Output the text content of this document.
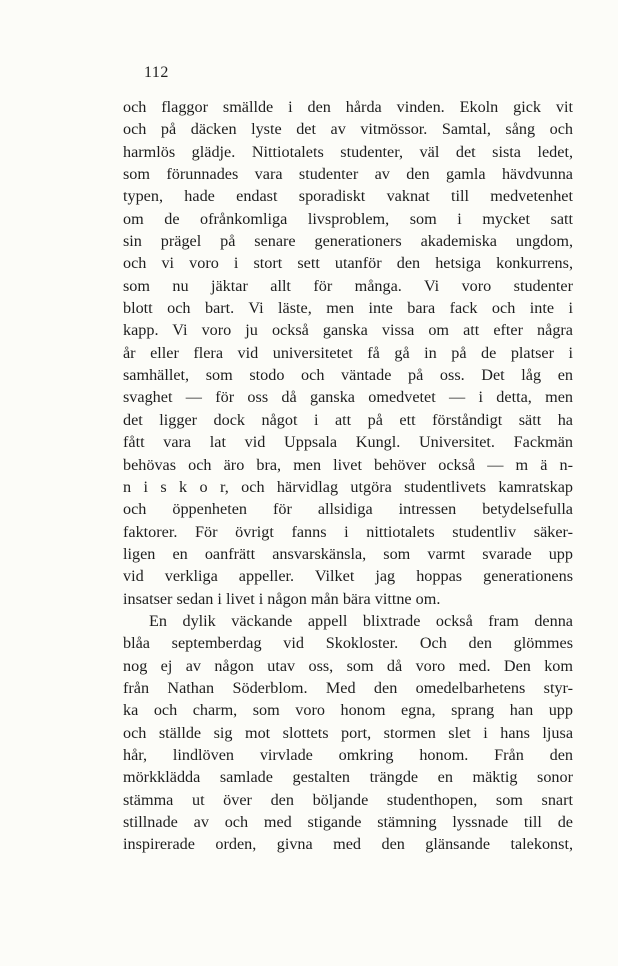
112
och flaggor smällde i den hårda vinden. Ekoln gick vit
och på däcken lyste det av vitmössor. Samtal, sång och
harmlös glädje. Nittiotalets studenter, väl det sista ledet,
som förunnades vara studenter av den gamla hävdvunna
typen, hade endast sporadiskt vaknat till medvetenhet
om de ofrånkomliga livsproblem, som i mycket satt
sin prägel på senare generationers akademiska ungdom,
och vi voro i stort sett utanför den hetsiga konkurrens,
som nu jäktar allt för många. Vi voro studenter
blott och bart. Vi läste, men inte bara fack och inte i
kapp. Vi voro ju också ganska vissa om att efter några
år eller flera vid universitetet få gå in på de platser i
samhället, som stodo och väntade på oss. Det låg en
svaghet — för oss då ganska omedvetet — i detta, men
det ligger dock något i att på ett förståndigt sätt ha
fått vara lat vid Uppsala Kungl. Universitet. Fackmän
behövas och äro bra, men livet behöver också — m ä n-
n i s k o r, och härvidlag utgöra studentlivets kamratskap
och öppenheten för allsidiga intressen betydelsefulla
faktorer. För övrigt fanns i nittiotalets studentliv säker-
ligen en oanfrätt ansvarskänsla, som varmt svarade upp
vid verkliga appeller. Vilket jag hoppas generationens
insatser sedan i livet i någon mån bära vittne om.
En dylik väckande appell blixtrade också fram denna
blåa septemberdag vid Skokloster. Och den glömmes
nog ej av någon utav oss, som då voro med. Den kom
från Nathan Söderblom. Med den omedelbarhetens styr-
ka och charm, som voro honom egna, sprang han upp
och ställde sig mot slottets port, stormen slet i hans ljusa
hår, lindlöven virvlade omkring honom. Från den
mörkklädda samlade gestalten trängde en mäktig sonor
stämma ut över den böljande studenthopen, som snart
stillnade av och med stigande stämning lyssnade till de
inspirerade orden, givna med den glänsande talekonst,
